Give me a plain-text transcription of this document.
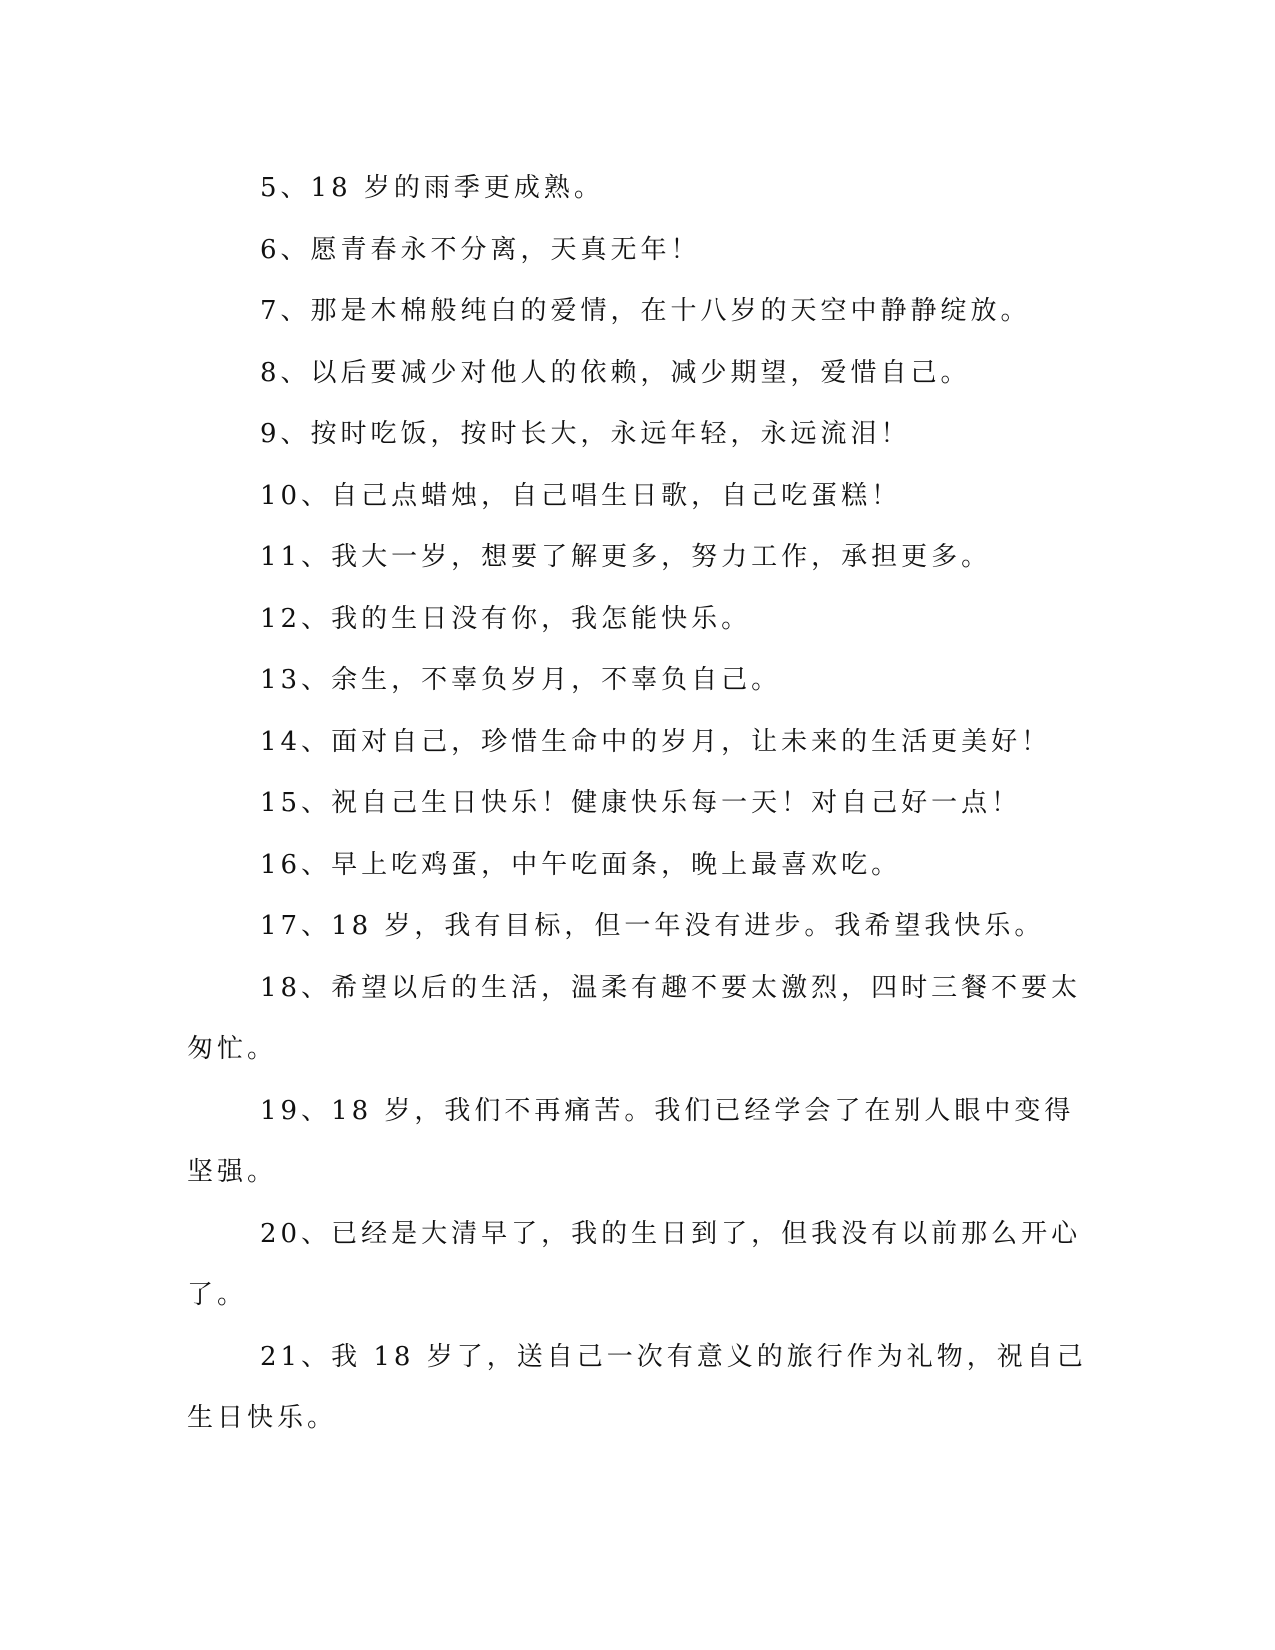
5、18 岁的雨季更成熟。

6、愿青春永不分离，天真无年！

7、那是木棉般纯白的爱情，在十八岁的天空中静静绽放。

8、以后要减少对他人的依赖，减少期望，爱惜自己。

9、按时吃饭，按时长大，永远年轻，永远流泪！

10、自己点蜡烛，自己唱生日歌，自己吃蛋糕！

11、我大一岁，想要了解更多，努力工作，承担更多。

12、我的生日没有你，我怎能快乐。

13、余生，不辜负岁月，不辜负自己。

14、面对自己，珍惜生命中的岁月，让未来的生活更美好！

15、祝自己生日快乐！健康快乐每一天！对自己好一点！

16、早上吃鸡蛋，中午吃面条，晚上最喜欢吃。

17、18 岁，我有目标，但一年没有进步。我希望我快乐。

18、希望以后的生活，温柔有趣不要太激烈，四时三餐不要太匆忙。

19、18 岁，我们不再痛苦。我们已经学会了在别人眼中变得坚强。

20、已经是大清早了，我的生日到了，但我没有以前那么开心了。

21、我 18 岁了，送自己一次有意义的旅行作为礼物，祝自己生日快乐。
